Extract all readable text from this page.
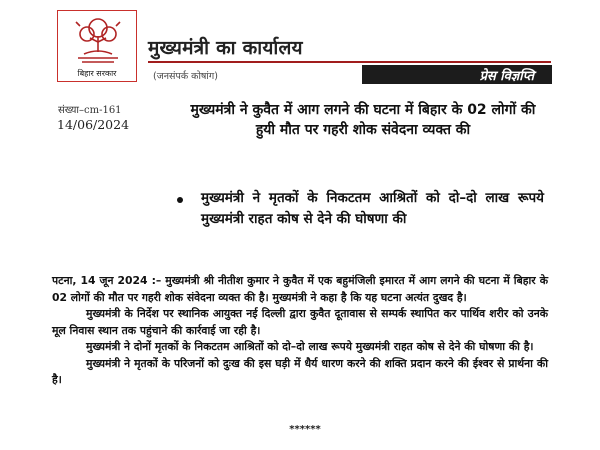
बिहार सरकार
मुख्यमंत्री का कार्यालय
(जनसंपर्क कोषांग)	प्रेस विज्ञप्ति
संख्या–cm-161
14/06/2024
मुख्यमंत्री ने कुवैत में आग लगने की घटना में बिहार के 02 लोगों की हुयी मौत पर गहरी शोक संवेदना व्यक्त की
मुख्यमंत्री ने मृतकों के निकटतम आश्रितों को दो–दो लाख रूपये मुख्यमंत्री राहत कोष से देने की घोषणा की

पटना, 14 जून 2024 :– मुख्यमंत्री श्री नीतीश कुमार ने कुवैत में एक बहुमंजिली इमारत में आग लगने की घटना में बिहार के 02 लोगों की मौत पर गहरी शोक संवेदना व्यक्त की है। मुख्यमंत्री ने कहा है कि यह घटना अत्यंत दुखद है।

मुख्यमंत्री के निर्देश पर स्थानिक आयुक्त नई दिल्ली द्वारा कुवैत दूतावास से सम्पर्क स्थापित कर पार्थिव शरीर को उनके मूल निवास स्थान तक पहुंचाने की कार्रवाई जा रही है।

मुख्यमंत्री ने दोनों मृतकों के निकटतम आश्रितों को दो–दो लाख रूपये मुख्यमंत्री राहत कोष से देने की घोषणा की है।

मुख्यमंत्री ने मृतकों के परिजनों को दुःख की इस घड़ी में धैर्य धारण करने की शक्ति प्रदान करने की ईश्वर से प्रार्थना की है।

******
